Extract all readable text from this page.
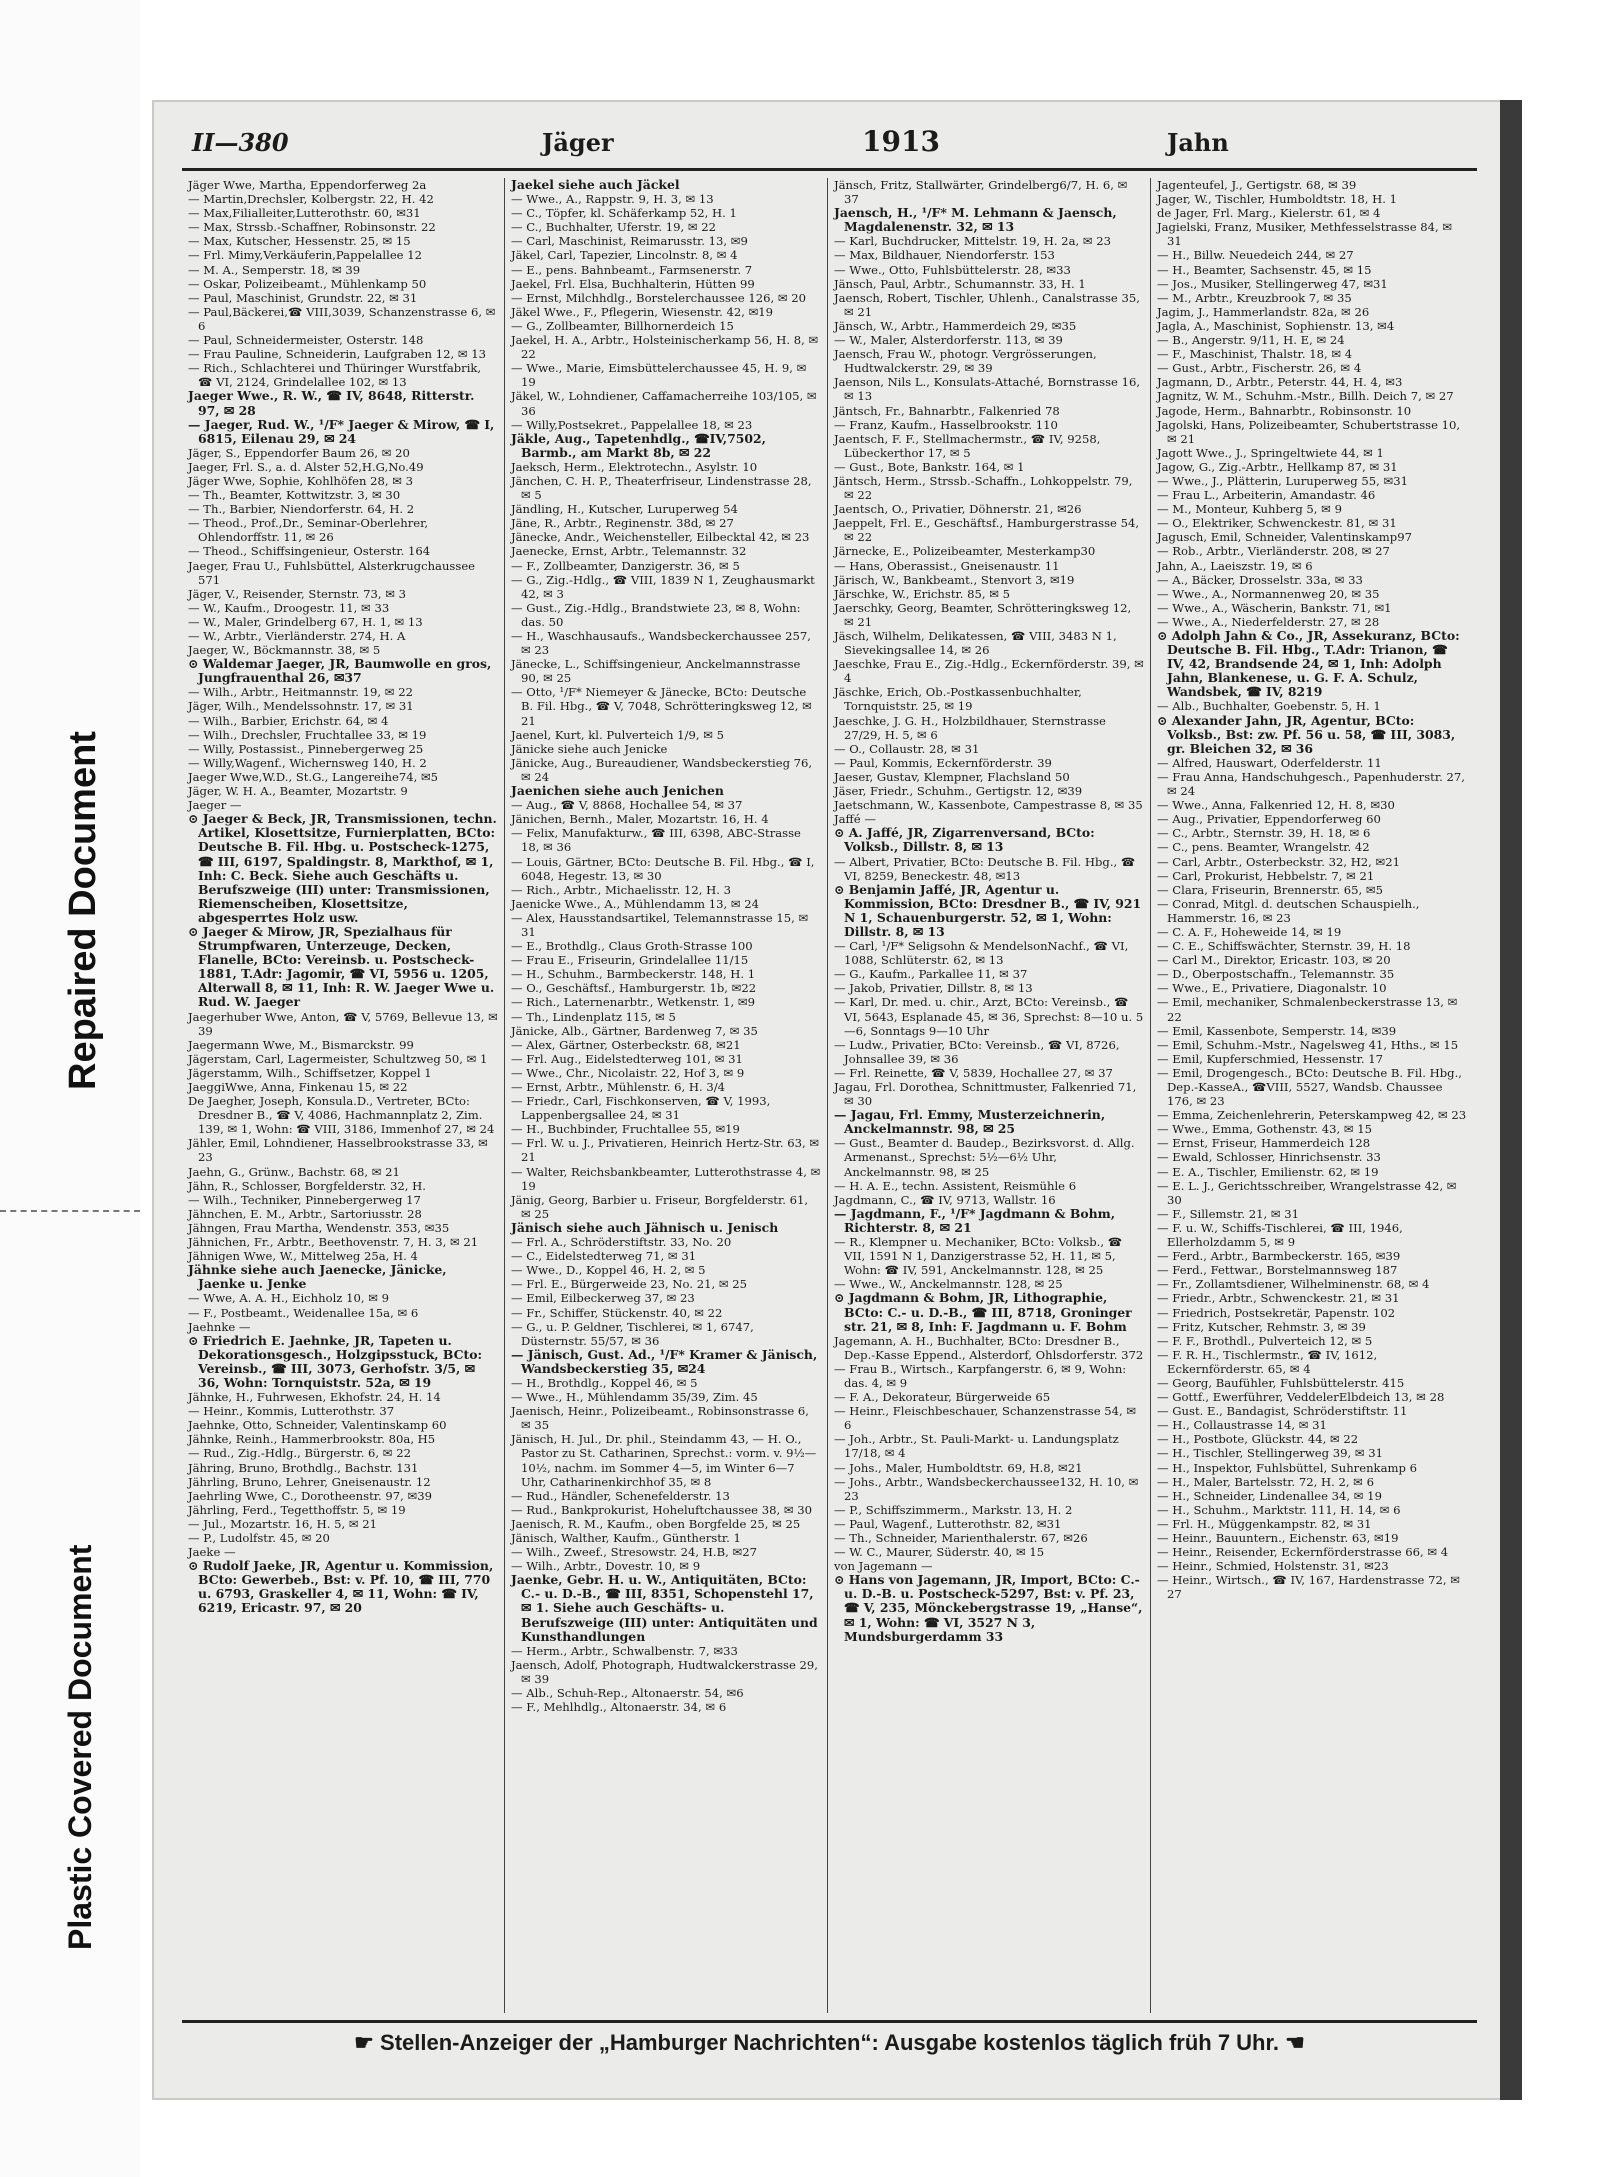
Repaired Document
Plastic Covered Document
II—380	Jäger	1913	Jahn

Jäger Wwe, Martha, Eppendorferweg 2a

— Martin,Drechsler, Kolbergstr. 22, H. 42

— Max,Filialleiter,Lutterothstr. 60, ✉31

— Max, Strssb.-Schaffner, Robinsonstr. 22

— Max, Kutscher, Hessenstr. 25, ✉ 15

— Frl. Mimy,Verkäuferin,Pappelallee 12

— M. A., Semperstr. 18, ✉ 39

— Oskar, Polizeibeamt., Mühlenkamp 50

— Paul, Maschinist, Grundstr. 22, ✉ 31

— Paul,Bäckerei,☎ VIII,3039, Schanzenstrasse 6, ✉ 6

— Paul, Schneidermeister, Osterstr. 148

— Frau Pauline, Schneiderin, Laufgraben 12, ✉ 13

— Rich., Schlachterei und Thüringer Wurstfabrik, ☎ VI, 2124, Grindelallee 102, ✉ 13

Jaeger Wwe., R. W., ☎ IV, 8648, Ritterstr. 97, ✉ 28

— Jaeger, Rud. W., ¹/F* Jaeger & Mirow, ☎ I, 6815, Eilenau 29, ✉ 24

Jäger, S., Eppendorfer Baum 26, ✉ 20

Jaeger, Frl. S., a. d. Alster 52,H.G,No.49

Jäger Wwe, Sophie, Kohlhöfen 28, ✉ 3

— Th., Beamter, Kottwitzstr. 3, ✉ 30

— Th., Barbier, Niendorferstr. 64, H. 2

— Theod., Prof.,Dr., Seminar-Oberlehrer, Ohlendorffstr. 11, ✉ 26

— Theod., Schiffsingenieur, Osterstr. 164

Jaeger, Frau U., Fuhlsbüttel, Alsterkrugchaussee 571

Jäger, V., Reisender, Sternstr. 73, ✉ 3

— W., Kaufm., Droogestr. 11, ✉ 33

— W., Maler, Grindelberg 67, H. 1, ✉ 13

— W., Arbtr., Vierländerstr. 274, H. A

Jaeger, W., Böckmannstr. 38, ✉ 5

⊙ Waldemar Jaeger, JR, Baumwolle en gros, Jungfrauenthal 26, ✉37

— Wilh., Arbtr., Heitmannstr. 19, ✉ 22

Jäger, Wilh., Mendelssohnstr. 17, ✉ 31

— Wilh., Barbier, Erichstr. 64, ✉ 4

— Wilh., Drechsler, Fruchtallee 33, ✉ 19

— Willy, Postassist., Pinnebergerweg 25

— Willy,Wagenf., Wichernsweg 140, H. 2

Jaeger Wwe,W.D., St.G., Langereihe74, ✉5

Jäger, W. H. A., Beamter, Mozartstr. 9

Jaeger —

⊙ Jaeger & Beck, JR, Transmissionen, techn. Artikel, Klosettsitze, Furnierplatten, BCto: Deutsche B. Fil. Hbg. u. Postscheck-1275, ☎ III, 6197, Spaldingstr. 8, Markthof, ✉ 1, Inh: C. Beck. Siehe auch Geschäfts u. Berufszweige (III) unter: Transmissionen, Riemenscheiben, Klosettsitze, abgesperrtes Holz usw.

⊙ Jaeger & Mirow, JR, Spezialhaus für Strumpfwaren, Unterzeuge, Decken, Flanelle, BCto: Vereinsb. u. Postscheck- 1881, T.Adr: Jagomir, ☎ VI, 5956 u. 1205, Alterwall 8, ✉ 11, Inh: R. W. Jaeger Wwe u. Rud. W. Jaeger

Jaegerhuber Wwe, Anton, ☎ V, 5769, Bellevue 13, ✉ 39

Jaegermann Wwe, M., Bismarckstr. 99

Jägerstam, Carl, Lagermeister, Schultzweg 50, ✉ 1

Jägerstamm, Wilh., Schiffsetzer, Koppel 1

JaeggiWwe, Anna, Finkenau 15, ✉ 22

De Jaegher, Joseph, Konsula.D., Vertreter, BCto: Dresdner B., ☎ V, 4086, Hachmannplatz 2, Zim. 139, ✉ 1, Wohn: ☎ VIII, 3186, Immenhof 27, ✉ 24

Jähler, Emil, Lohndiener, Hasselbrookstrasse 33, ✉ 23

Jaehn, G., Grünw., Bachstr. 68, ✉ 21

Jähn, R., Schlosser, Borgfelderstr. 32, H.

— Wilh., Techniker, Pinnebergerweg 17

Jähnchen, E. M., Arbtr., Sartoriusstr. 28

Jähngen, Frau Martha, Wendenstr. 353, ✉35

Jähnichen, Fr., Arbtr., Beethovenstr. 7, H. 3, ✉ 21

Jähnigen Wwe, W., Mittelweg 25a, H. 4

Jähnke siehe auch Jaenecke, Jänicke, Jaenke u. Jenke

— Wwe, A. A. H., Eichholz 10, ✉ 9

— F., Postbeamt., Weidenallee 15a, ✉ 6

Jaehnke —

⊙ Friedrich E. Jaehnke, JR, Tapeten u. Dekorationsgesch., Holzgipsstuck, BCto: Vereinsb., ☎ III, 3073, Gerhofstr. 3/5, ✉ 36, Wohn: Tornquiststr. 52a, ✉ 19

Jähnke, H., Fuhrwesen, Ekhofstr. 24, H. 14

— Heinr., Kommis, Lutterothstr. 37

Jaehnke, Otto, Schneider, Valentinskamp 60

Jähnke, Reinh., Hammerbrookstr. 80a, H5

— Rud., Zig.-Hdlg., Bürgerstr. 6, ✉ 22

Jähring, Bruno, Brothdlg., Bachstr. 131

Jährling, Bruno, Lehrer, Gneisenaustr. 12

Jaehrling Wwe, C., Dorotheenstr. 97, ✉39

Jährling, Ferd., Tegetthoffstr. 5, ✉ 19

— Jul., Mozartstr. 16, H. 5, ✉ 21

— P., Ludolfstr. 45, ✉ 20

Jaeke —

⊙ Rudolf Jaeke, JR, Agentur u. Kommission, BCto: Gewerbeb., Bst: v. Pf. 10, ☎ III, 770 u. 6793, Graskeller 4, ✉ 11, Wohn: ☎ IV, 6219, Ericastr. 97, ✉ 20

Jaekel siehe auch Jäckel

— Wwe., A., Rappstr. 9, H. 3, ✉ 13

— C., Töpfer, kl. Schäferkamp 52, H. 1

— C., Buchhalter, Uferstr. 19, ✉ 22

— Carl, Maschinist, Reimarusstr. 13, ✉9

Jäkel, Carl, Tapezier, Lincolnstr. 8, ✉ 4

— E., pens. Bahnbeamt., Farmsenerstr. 7

Jaekel, Frl. Elsa, Buchhalterin, Hütten 99

— Ernst, Milchhdlg., Borstelerchaussee 126, ✉ 20

Jäkel Wwe., F., Pflegerin, Wiesenstr. 42, ✉19

— G., Zollbeamter, Billhornerdeich 15

Jaekel, H. A., Arbtr., Holsteinischerkamp 56, H. 8, ✉ 22

— Wwe., Marie, Eimsbüttelerchaussee 45, H. 9, ✉ 19

Jäkel, W., Lohndiener, Caffamacherreihe 103/105, ✉ 36

— Willy,Postsekret., Pappelallee 18, ✉ 23

Jäkle, Aug., Tapetenhdlg., ☎IV,7502, Barmb., am Markt 8b, ✉ 22

Jaeksch, Herm., Elektrotechn., Asylstr. 10

Jänchen, C. H. P., Theaterfriseur, Lindenstrasse 28, ✉ 5

Jändling, H., Kutscher, Luruperweg 54

Jäne, R., Arbtr., Reginenstr. 38d, ✉ 27

Jänecke, Andr., Weichensteller, Eilbecktal 42, ✉ 23

Jaenecke, Ernst, Arbtr., Telemannstr. 32

— F., Zollbeamter, Danzigerstr. 36, ✉ 5

— G., Zig.-Hdlg., ☎ VIII, 1839 N 1, Zeughausmarkt 42, ✉ 3

— Gust., Zig.-Hdlg., Brandstwiete 23, ✉ 8, Wohn: das. 50

— H., Waschhausaufs., Wandsbeckerchaussee 257, ✉ 23

Jänecke, L., Schiffsingenieur, Anckelmannstrasse 90, ✉ 25

— Otto, ¹/F* Niemeyer & Jänecke, BCto: Deutsche B. Fil. Hbg., ☎ V, 7048, Schrötteringksweg 12, ✉ 21

Jaenel, Kurt, kl. Pulverteich 1/9, ✉ 5

Jänicke siehe auch Jenicke

Jänicke, Aug., Bureaudiener, Wandsbeckerstieg 76, ✉ 24

Jaenichen siehe auch Jenichen

— Aug., ☎ V, 8868, Hochallee 54, ✉ 37

Jänichen, Bernh., Maler, Mozartstr. 16, H. 4

— Felix, Manufakturw., ☎ III, 6398, ABC-Strasse 18, ✉ 36

— Louis, Gärtner, BCto: Deutsche B. Fil. Hbg., ☎ I, 6048, Hegestr. 13, ✉ 30

— Rich., Arbtr., Michaelisstr. 12, H. 3

Jaenicke Wwe., A., Mühlendamm 13, ✉ 24

— Alex, Hausstandsartikel, Telemannstrasse 15, ✉ 31

— E., Brothdlg., Claus Groth-Strasse 100

— Frau E., Friseurin, Grindelallee 11/15

— H., Schuhm., Barmbeckerstr. 148, H. 1

— O., Geschäftsf., Hamburgerstr. 1b, ✉22

— Rich., Laternenarbtr., Wetkenstr. 1, ✉9

— Th., Lindenplatz 115, ✉ 5

Jänicke, Alb., Gärtner, Bardenweg 7, ✉ 35

— Alex, Gärtner, Osterbeckstr. 68, ✉21

— Frl. Aug., Eidelstedterweg 101, ✉ 31

— Wwe., Chr., Nicolaistr. 22, Hof 3, ✉ 9

— Ernst, Arbtr., Mühlenstr. 6, H. 3/4

— Friedr., Carl, Fischkonserven, ☎ V, 1993, Lappenbergsallee 24, ✉ 31

— H., Buchbinder, Fruchtallee 55, ✉19

— Frl. W. u. J., Privatieren, Heinrich Hertz-Str. 63, ✉ 21

— Walter, Reichsbankbeamter, Lutterothstrasse 4, ✉ 19

Jänig, Georg, Barbier u. Friseur, Borgfelderstr. 61, ✉ 25

Jänisch siehe auch Jähnisch u. Jenisch

— Frl. A., Schröderstiftstr. 33, No. 20

— C., Eidelstedterweg 71, ✉ 31

— Wwe., D., Koppel 46, H. 2, ✉ 5

— Frl. E., Bürgerweide 23, No. 21, ✉ 25

— Emil, Eilbeckerweg 37, ✉ 23

— Fr., Schiffer, Stückenstr. 40, ✉ 22

— G., u. P. Geldner, Tischlerei, ✉ 1, 6747, Düsternstr. 55/57, ✉ 36

— Jänisch, Gust. Ad., ¹/F* Kramer & Jänisch, Wandsbeckerstieg 35, ✉24

— H., Brothdlg., Koppel 46, ✉ 5

— Wwe., H., Mühlendamm 35/39, Zim. 45

Jaenisch, Heinr., Polizeibeamt., Robinsonstrasse 6, ✉ 35

Jänisch, H. Jul., Dr. phil., Steindamm 43, — H. O., Pastor zu St. Catharinen, Sprechst.: vorm. v. 9½—10½, nachm. im Sommer 4—5, im Winter 6—7 Uhr, Catharinenkirchhof 35, ✉ 8

— Rud., Händler, Schenefelderstr. 13

— Rud., Bankprokurist, Hoheluftchaussee 38, ✉ 30

Jaenisch, R. M., Kaufm., oben Borgfelde 25, ✉ 25

Jänisch, Walther, Kaufm., Güntherstr. 1

— Wilh., Zweef., Stresowstr. 24, H.B, ✉27

— Wilh., Arbtr., Dovestr. 10, ✉ 9

Jaenke, Gebr. H. u. W., Antiquitäten, BCto: C.- u. D.-B., ☎ III, 8351, Schopenstehl 17, ✉ 1. Siehe auch Geschäfts- u. Berufszweige (III) unter: Antiquitäten und Kunsthandlungen

— Herm., Arbtr., Schwalbenstr. 7, ✉33

Jaensch, Adolf, Photograph, Hudtwalckerstrasse 29, ✉ 39

— Alb., Schuh-Rep., Altonaerstr. 54, ✉6

— F., Mehlhdlg., Altonaerstr. 34, ✉ 6

Jänsch, Fritz, Stallwärter, Grindelberg6/7, H. 6, ✉ 37

Jaensch, H., ¹/F* M. Lehmann & Jaensch, Magdalenenstr. 32, ✉ 13

— Karl, Buchdrucker, Mittelstr. 19, H. 2a, ✉ 23

— Max, Bildhauer, Niendorferstr. 153

— Wwe., Otto, Fuhlsbüttelerstr. 28, ✉33

Jänsch, Paul, Arbtr., Schumannstr. 33, H. 1

Jaensch, Robert, Tischler, Uhlenh., Canalstrasse 35, ✉ 21

Jänsch, W., Arbtr., Hammerdeich 29, ✉35

— W., Maler, Alsterdorferstr. 113, ✉ 39

Jaensch, Frau W., photogr. Vergrösserungen, Hudtwalckerstr. 29, ✉ 39

Jaenson, Nils L., Konsulats-Attaché, Bornstrasse 16, ✉ 13

Jäntsch, Fr., Bahnarbtr., Falkenried 78

— Franz, Kaufm., Hasselbrookstr. 110

Jaentsch, F. F., Stellmachermstr., ☎ IV, 9258, Lübeckerthor 17, ✉ 5

— Gust., Bote, Bankstr. 164, ✉ 1

Jäntsch, Herm., Strssb.-Schaffn., Lohkoppelstr. 79, ✉ 22

Jaentsch, O., Privatier, Döhnerstr. 21, ✉26

Jaeppelt, Frl. E., Geschäftsf., Hamburgerstrasse 54, ✉ 22

Järnecke, E., Polizeibeamter, Mesterkamp30

— Hans, Oberassist., Gneisenaustr. 11

Järisch, W., Bankbeamt., Stenvort 3, ✉19

Järschke, W., Erichstr. 85, ✉ 5

Jaerschky, Georg, Beamter, Schrötteringksweg 12, ✉ 21

Jäsch, Wilhelm, Delikatessen, ☎ VIII, 3483 N 1, Sievekingsallee 14, ✉ 26

Jaeschke, Frau E., Zig.-Hdlg., Eckernförderstr. 39, ✉ 4

Jäschke, Erich, Ob.-Postkassenbuchhalter, Tornquiststr. 25, ✉ 19

Jaeschke, J. G. H., Holzbildhauer, Sternstrasse 27/29, H. 5, ✉ 6

— O., Collaustr. 28, ✉ 31

— Paul, Kommis, Eckernförderstr. 39

Jaeser, Gustav, Klempner, Flachsland 50

Jäser, Friedr., Schuhm., Gertigstr. 12, ✉39

Jaetschmann, W., Kassenbote, Campestrasse 8, ✉ 35

Jaffé —

⊙ A. Jaffé, JR, Zigarrenversand, BCto: Volksb., Dillstr. 8, ✉ 13

— Albert, Privatier, BCto: Deutsche B. Fil. Hbg., ☎ VI, 8259, Beneckestr. 48, ✉13

⊙ Benjamin Jaffé, JR, Agentur u. Kommission, BCto: Dresdner B., ☎ IV, 921 N 1, Schauenburgerstr. 52, ✉ 1, Wohn: Dillstr. 8, ✉ 13

— Carl, ¹/F* Seligsohn & MendelsonNachf., ☎ VI, 1088, Schlüterstr. 62, ✉ 13

— G., Kaufm., Parkallee 11, ✉ 37

— Jakob, Privatier, Dillstr. 8, ✉ 13

— Karl, Dr. med. u. chir., Arzt, BCto: Vereinsb., ☎ VI, 5643, Esplanade 45, ✉ 36, Sprechst: 8—10 u. 5—6, Sonntags 9—10 Uhr

— Ludw., Privatier, BCto: Vereinsb., ☎ VI, 8726, Johnsallee 39, ✉ 36

— Frl. Reinette, ☎ V, 5839, Hochallee 27, ✉ 37

Jagau, Frl. Dorothea, Schnittmuster, Falkenried 71, ✉ 30

— Jagau, Frl. Emmy, Musterzeichnerin, Anckelmannstr. 98, ✉ 25

— Gust., Beamter d. Baudep., Bezirksvorst. d. Allg. Armenanst., Sprechst: 5½—6½ Uhr, Anckelmannstr. 98, ✉ 25

— H. A. E., techn. Assistent, Reismühle 6

Jagdmann, C., ☎ IV, 9713, Wallstr. 16

— Jagdmann, F., ¹/F* Jagdmann & Bohm, Richterstr. 8, ✉ 21

— R., Klempner u. Mechaniker, BCto: Volksb., ☎ VII, 1591 N 1, Danzigerstrasse 52, H. 11, ✉ 5, Wohn: ☎ IV, 591, Anckelmannstr. 128, ✉ 25

— Wwe., W., Anckelmannstr. 128, ✉ 25

⊙ Jagdmann & Bohm, JR, Lithographie, BCto: C.- u. D.-B., ☎ III, 8718, Groninger str. 21, ✉ 8, Inh: F. Jagdmann u. F. Bohm

Jagemann, A. H., Buchhalter, BCto: Dresdner B., Dep.-Kasse Eppend., Alsterdorf, Ohlsdorferstr. 372

— Frau B., Wirtsch., Karpfangerstr. 6, ✉ 9, Wohn: das. 4, ✉ 9

— F. A., Dekorateur, Bürgerweide 65

— Heinr., Fleischbeschauer, Schanzenstrasse 54, ✉ 6

— Joh., Arbtr., St. Pauli-Markt- u. Landungsplatz 17/18, ✉ 4

— Johs., Maler, Humboldtstr. 69, H.8, ✉21

— Johs., Arbtr., Wandsbeckerchaussee132, H. 10, ✉ 23

— P., Schiffszimmerm., Markstr. 13, H. 2

— Paul, Wagenf., Lutterothstr. 82, ✉31

— Th., Schneider, Marienthalerstr. 67, ✉26

— W. C., Maurer, Süderstr. 40, ✉ 15

von Jagemann —

⊙ Hans von Jagemann, JR, Import, BCto: C.- u. D.-B. u. Postscheck-5297, Bst: v. Pf. 23, ☎ V, 235, Mönckebergstrasse 19, „Hanse“, ✉ 1, Wohn: ☎ VI, 3527 N 3, Mundsburgerdamm 33

Jagenteufel, J., Gertigstr. 68, ✉ 39

Jager, W., Tischler, Humboldtstr. 18, H. 1

de Jager, Frl. Marg., Kielerstr. 61, ✉ 4

Jagielski, Franz, Musiker, Methfesselstrasse 84, ✉ 31

— H., Billw. Neuedeich 244, ✉ 27

— H., Beamter, Sachsenstr. 45, ✉ 15

— Jos., Musiker, Stellingerweg 47, ✉31

— M., Arbtr., Kreuzbrook 7, ✉ 35

Jagim, J., Hammerlandstr. 82a, ✉ 26

Jagla, A., Maschinist, Sophienstr. 13, ✉4

— B., Angerstr. 9/11, H. E, ✉ 24

— F., Maschinist, Thalstr. 18, ✉ 4

— Gust., Arbtr., Fischerstr. 26, ✉ 4

Jagmann, D., Arbtr., Peterstr. 44, H. 4, ✉3

Jagnitz, W. M., Schuhm.-Mstr., Billh. Deich 7, ✉ 27

Jagode, Herm., Bahnarbtr., Robinsonstr. 10

Jagolski, Hans, Polizeibeamter, Schubertstrasse 10, ✉ 21

Jagott Wwe., J., Springeltwiete 44, ✉ 1

Jagow, G., Zig.-Arbtr., Hellkamp 87, ✉ 31

— Wwe., J., Plätterin, Luruperweg 55, ✉31

— Frau L., Arbeiterin, Amandastr. 46

— M., Monteur, Kuhberg 5, ✉ 9

— O., Elektriker, Schwenckestr. 81, ✉ 31

Jagusch, Emil, Schneider, Valentinskamp97

— Rob., Arbtr., Vierländerstr. 208, ✉ 27

Jahn, A., Laeiszstr. 19, ✉ 6

— A., Bäcker, Drosselstr. 33a, ✉ 33

— Wwe., A., Normannenweg 20, ✉ 35

— Wwe., A., Wäscherin, Bankstr. 71, ✉1

— Wwe., A., Niederfelderstr. 27, ✉ 28

⊙ Adolph Jahn & Co., JR, Assekuranz, BCto: Deutsche B. Fil. Hbg., T.Adr: Trianon, ☎ IV, 42, Brandsende 24, ✉ 1, Inh: Adolph Jahn, Blankenese, u. G. F. A. Schulz, Wandsbek, ☎ IV, 8219

— Alb., Buchhalter, Goebenstr. 5, H. 1

⊙ Alexander Jahn, JR, Agentur, BCto: Volksb., Bst: zw. Pf. 56 u. 58, ☎ III, 3083, gr. Bleichen 32, ✉ 36

— Alfred, Hauswart, Oderfelderstr. 11

— Frau Anna, Handschuhgesch., Papenhuderstr. 27, ✉ 24

— Wwe., Anna, Falkenried 12, H. 8, ✉30

— Aug., Privatier, Eppendorferweg 60

— C., Arbtr., Sternstr. 39, H. 18, ✉ 6

— C., pens. Beamter, Wrangelstr. 42

— Carl, Arbtr., Osterbeckstr. 32, H2, ✉21

— Carl, Prokurist, Hebbelstr. 7, ✉ 21

— Clara, Friseurin, Brennerstr. 65, ✉5

— Conrad, Mitgl. d. deutschen Schauspielh., Hammerstr. 16, ✉ 23

— C. A. F., Hoheweide 14, ✉ 19

— C. E., Schiffswächter, Sternstr. 39, H. 18

— Carl M., Direktor, Ericastr. 103, ✉ 20

— D., Oberpostschaffn., Telemannstr. 35

— Wwe., E., Privatiere, Diagonalstr. 10

— Emil, mechaniker, Schmalenbeckerstrasse 13, ✉ 22

— Emil, Kassenbote, Semperstr. 14, ✉39

— Emil, Schuhm.-Mstr., Nagelsweg 41, Hths., ✉ 15

— Emil, Kupferschmied, Hessenstr. 17

— Emil, Drogengesch., BCto: Deutsche B. Fil. Hbg., Dep.-KasseA., ☎VIII, 5527, Wandsb. Chaussee 176, ✉ 23

— Emma, Zeichenlehrerin, Peterskampweg 42, ✉ 23

— Wwe., Emma, Gothenstr. 43, ✉ 15

— Ernst, Friseur, Hammerdeich 128

— Ewald, Schlosser, Hinrichsenstr. 33

— E. A., Tischler, Emilienstr. 62, ✉ 19

— E. L. J., Gerichtsschreiber, Wrangelstrasse 42, ✉ 30

— F., Sillemstr. 21, ✉ 31

— F. u. W., Schiffs-Tischlerei, ☎ III, 1946, Ellerholzdamm 5, ✉ 9

— Ferd., Arbtr., Barmbeckerstr. 165, ✉39

— Ferd., Fettwar., Borstelmannsweg 187

— Fr., Zollamtsdiener, Wilhelminenstr. 68, ✉ 4

— Friedr., Arbtr., Schwenckestr. 21, ✉ 31

— Friedrich, Postsekretär, Papenstr. 102

— Fritz, Kutscher, Rehmstr. 3, ✉ 39

— F. F., Brothdl., Pulverteich 12, ✉ 5

— F. R. H., Tischlermstr., ☎ IV, 1612, Eckernförderstr. 65, ✉ 4

— Georg, Baufühler, Fuhlsbüttelerstr. 415

— Gottf., Ewerführer, VeddelerElbdeich 13, ✉ 28

— Gust. E., Bandagist, Schröderstiftstr. 11

— H., Collaustrasse 14, ✉ 31

— H., Postbote, Glückstr. 44, ✉ 22

— H., Tischler, Stellingerweg 39, ✉ 31

— H., Inspektor, Fuhlsbüttel, Suhrenkamp 6

— H., Maler, Bartelsstr. 72, H. 2, ✉ 6

— H., Schneider, Lindenallee 34, ✉ 19

— H., Schuhm., Marktstr. 111, H. 14, ✉ 6

— Frl. H., Müggenkampstr. 82, ✉ 31

— Heinr., Bauuntern., Eichenstr. 63, ✉19

— Heinr., Reisender, Eckernförderstrasse 66, ✉ 4

— Heinr., Schmied, Holstenstr. 31, ✉23

— Heinr., Wirtsch., ☎ IV, 167, Hardenstrasse 72, ✉ 27

☛ Stellen-Anzeiger der „Hamburger Nachrichten“: Ausgabe kostenlos täglich früh 7 Uhr. ☚
